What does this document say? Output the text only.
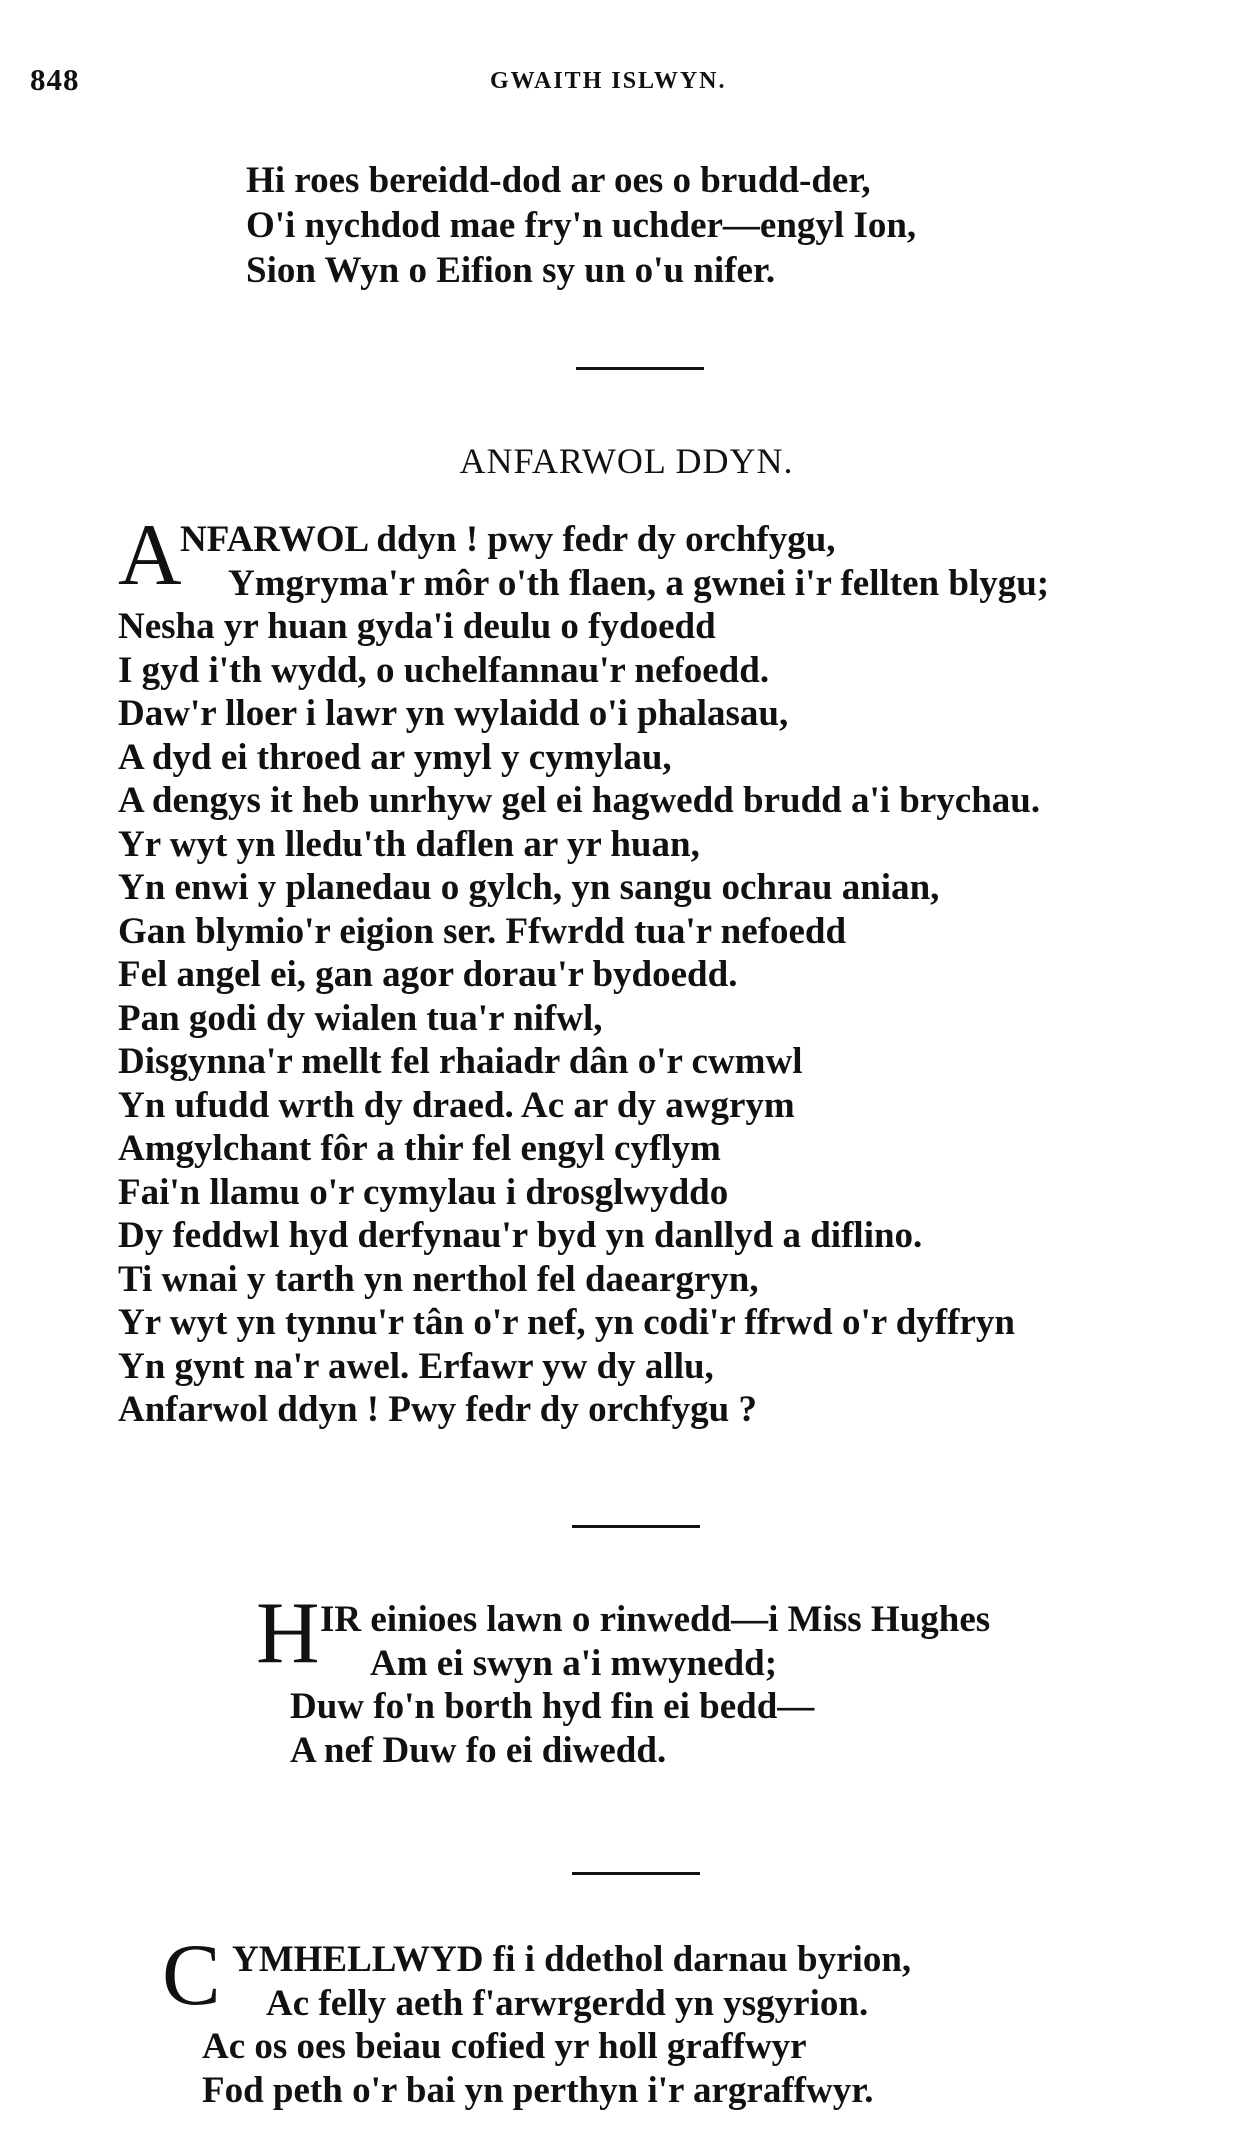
848	GWAITH ISLWYN.
Hi roes bereidd-dod ar oes o brudd-der,
O'i nychdod mae fry'n uchder—engyl Ion,
Sion Wyn o Eifion sy un o'u nifer.
ANFARWOL DDYN.
A
NFARWOL ddyn ! pwy fedr dy orchfygu,
Ymgryma'r môr o'th flaen, a gwnei i'r fellten blygu;
Nesha yr huan gyda'i deulu o fydoedd
I gyd i'th wydd, o uchelfannau'r nefoedd.
Daw'r lloer i lawr yn wylaidd o'i phalasau,
A dyd ei throed ar ymyl y cymylau,
A dengys it heb unrhyw gel ei hagwedd brudd a'i brychau.
Yr wyt yn lledu'th daflen ar yr huan,
Yn enwi y planedau o gylch, yn sangu ochrau anian,
Gan blymio'r eigion ser. Ffwrdd tua'r nefoedd
Fel angel ei, gan agor dorau'r bydoedd.
Pan godi dy wialen tua'r nifwl,
Disgynna'r mellt fel rhaiadr dân o'r cwmwl
Yn ufudd wrth dy draed. Ac ar dy awgrym
Amgylchant fôr a thir fel engyl cyflym
Fai'n llamu o'r cymylau i drosglwyddo
Dy feddwl hyd derfynau'r byd yn danllyd a diflino.
Ti wnai y tarth yn nerthol fel daeargryn,
Yr wyt yn tynnu'r tân o'r nef, yn codi'r ffrwd o'r dyffryn
Yn gynt na'r awel. Erfawr yw dy allu,
Anfarwol ddyn ! Pwy fedr dy orchfygu ?
H IR einioes lawn o rinwedd—i Miss Hughes
Am ei swyn a'i mwynedd;
Duw fo'n borth hyd fin ei bedd—
A nef Duw fo ei diwedd.
C YMHELLWYD fi i ddethol darnau byrion,
Ac felly aeth f'arwrgerdd yn ysgyrion.
Ac os oes beiau cofied yr holl graffwyr
Fod peth o'r bai yn perthyn i'r argraffwyr.
